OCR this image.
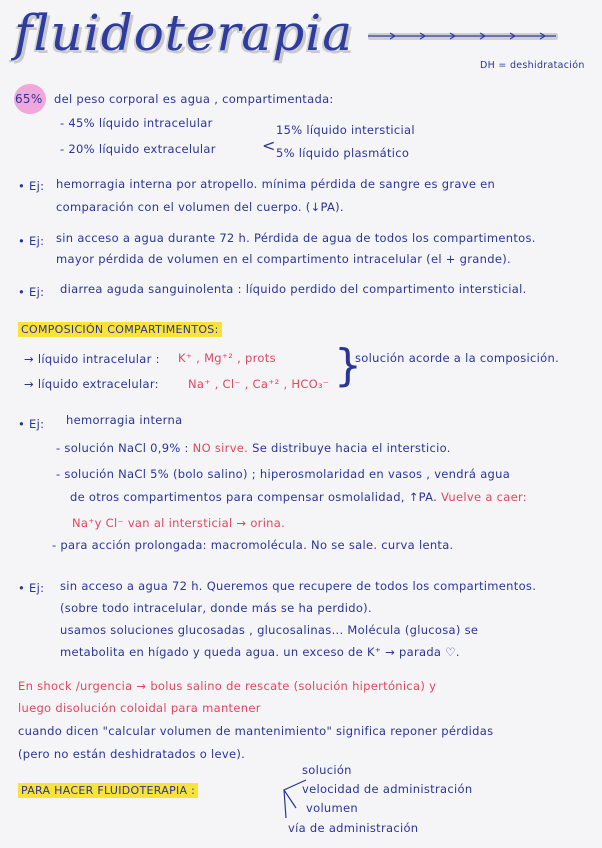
fluidoterapia
DH = deshidratación
65% del peso corporal es agua , compartimentada:
- 45% líquido intracelular
- 20% líquido extracelular	<
15% líquido intersticial
5% líquido plasmático
• Ej: hemorragia interna por atropello. mínima pérdida de sangre es grave en
comparación con el volumen del cuerpo. (↓PA).
• Ej: sin acceso a agua durante 72 h. Pérdida de agua de todos los compartimentos.
mayor pérdida de volumen en el compartimento intracelular (el + grande).
• Ej: diarrea aguda sanguinolenta : líquido perdido del compartimento intersticial.
COMPOSICIÓN COMPARTIMENTOS:
→ líquido intracelular : K⁺ , Mg⁺² , prots
→ líquido extracelular:	Na⁺ , Cl⁻ , Ca⁺² , HCO₃⁻ }
solución acorde a la composición.
• Ej: hemorragia interna
- solución NaCl 0,9% : NO sirve. Se distribuye hacia el intersticio.
- solución NaCl 5% (bolo salino) ; hiperosmolaridad en vasos , vendrá agua
de otros compartimentos para compensar osmolalidad, ↑PA. Vuelve a caer:
Na⁺y Cl⁻ van al intersticial → orina.
- para acción prolongada: macromolécula. No se sale. curva lenta.
• Ej: sin acceso a agua 72 h. Queremos que recupere de todos los compartimentos.
(sobre todo intracelular, donde más se ha perdido).
usamos soluciones glucosadas , glucosalinas... Molécula (glucosa) se
metabolita en hígado y queda agua. un exceso de K⁺ → parada ♡.
En shock /urgencia → bolus salino de rescate (solución hipertónica) y
luego disolución coloidal para mantener
cuando dicen "calcular volumen de mantenimiento" significa reponer pérdidas
(pero no están deshidratados o leve).
PARA HACER FLUIDOTERAPIA :
solución
velocidad de administración
volumen
vía de administración
